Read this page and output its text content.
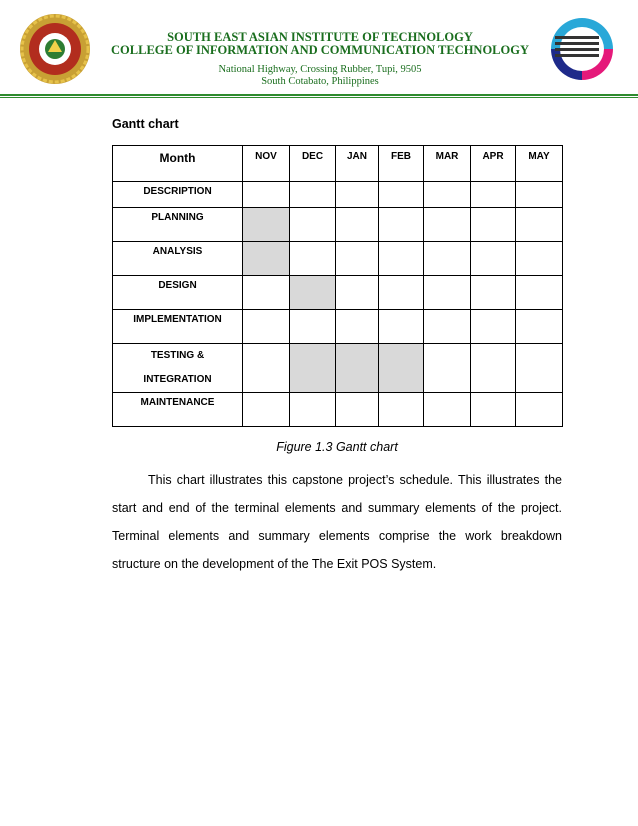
SOUTH EAST ASIAN INSTITUTE OF TECHNOLOGY
COLLEGE OF INFORMATION AND COMMUNICATION TECHNOLOGY
National Highway, Crossing Rubber, Tupi, 9505
South Cotabato, Philippines
Gantt chart
Month	NOV	DEC	JAN	FEB	MAR	APR	MAY
DESCRIPTION							
PLANNING							
ANALYSIS							
DESIGN							
IMPLEMENTATION							
TESTING &
INTEGRATION							
MAINTENANCE							
Figure 1.3 Gantt chart
This chart illustrates this capstone project’s schedule. This illustrates the start and end of the terminal elements and summary elements of the project. Terminal elements and summary elements comprise the work breakdown structure on the development of the The Exit POS System.
